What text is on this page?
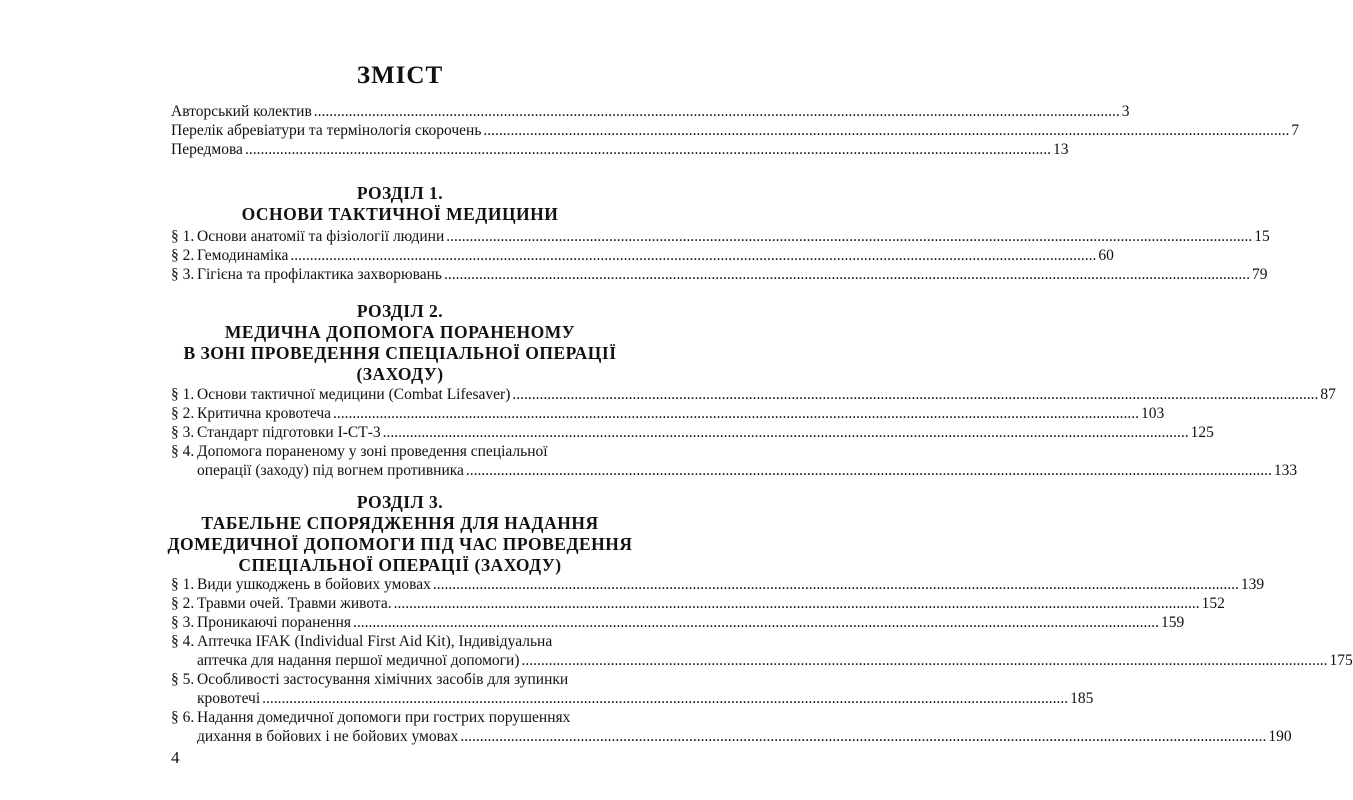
ЗМІСТ
Авторський колектив .....	3
Перелік абревіатури та термінологія скорочень .....	7
Передмова .....	13
РОЗДІЛ 1.
ОСНОВИ ТАКТИЧНОЇ МЕДИЦИНИ
§ 1. Основи анатомії та фізіології людини .....	15
§ 2. Гемодинаміка .....	60
§ 3. Гігієна та профілактика захворювань .....	79
РОЗДІЛ 2.
МЕДИЧНА ДОПОМОГА ПОРАНЕНОМУ
В ЗОНІ ПРОВЕДЕННЯ СПЕЦІАЛЬНОЇ ОПЕРАЦІЇ
(ЗАХОДУ)
§ 1. Основи тактичної медицини (Combat Lifesaver) .....	87
§ 2. Критична кровотеча .....	103
§ 3. Стандарт підготовки І-СТ-3 .....	125
§ 4. Допомога пораненому у зоні проведення спеціальної
операції (заходу) під вогнем противника .....	133
РОЗДІЛ 3.
ТАБЕЛЬНЕ СПОРЯДЖЕННЯ ДЛЯ НАДАННЯ
ДОМЕДИЧНОЇ ДОПОМОГИ ПІД ЧАС ПРОВЕДЕННЯ
СПЕЦІАЛЬНОЇ ОПЕРАЦІЇ (ЗАХОДУ)
§ 1. Види ушкоджень в бойових умовах .....	139
§ 2. Травми очей. Травми живота. .....	152
§ 3. Проникаючі поранення .....	159
§ 4. Аптечка IFAK (Individual First Aid Kit), Індивідуальна
аптечка для надання першої медичної допомоги) .....	175
§ 5. Особливості застосування хімічних засобів для зупинки
кровотечі .....	185
§ 6. Надання домедичної допомоги при гострих порушеннях
дихання в бойових і не бойових умовах .....	190
4
